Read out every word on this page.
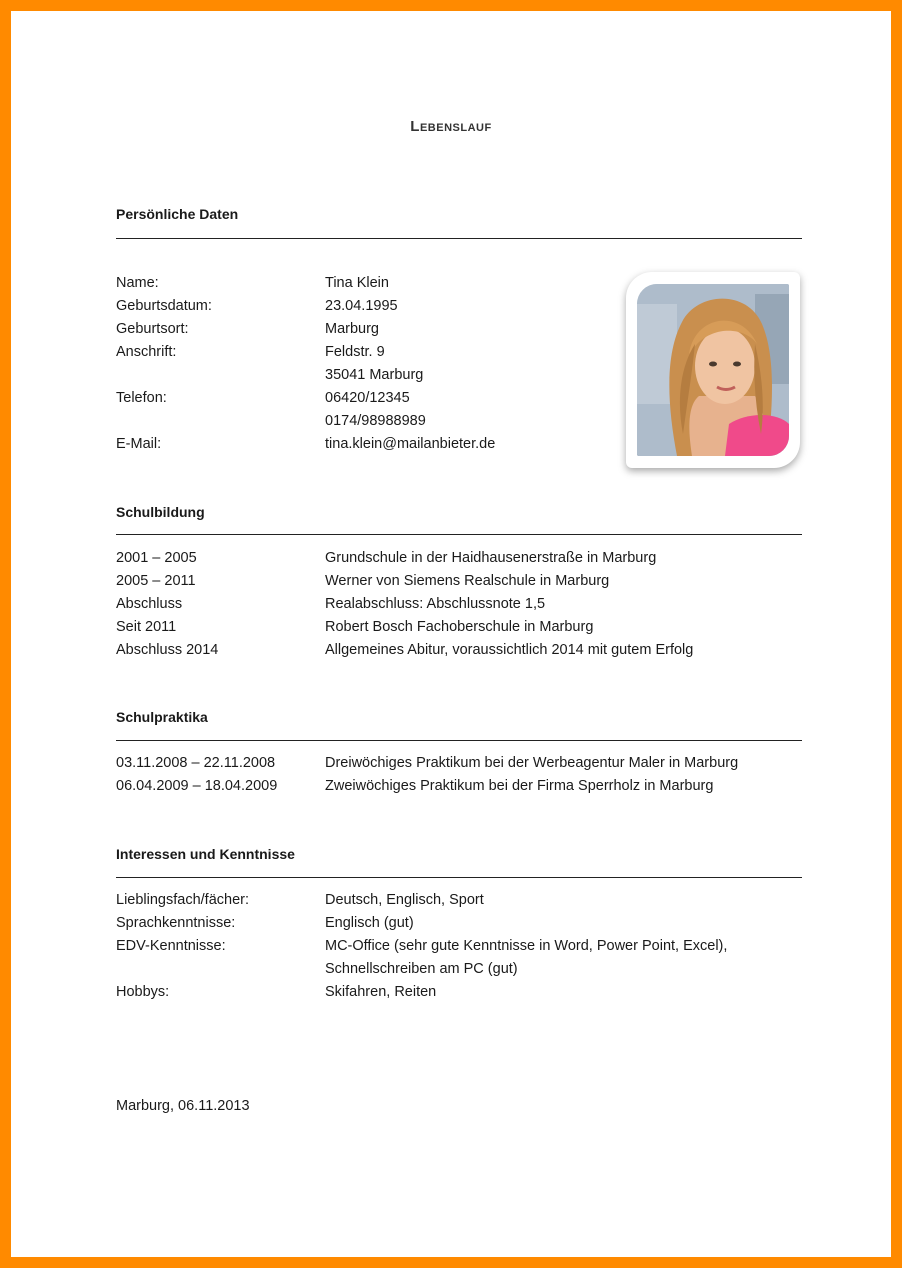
LEBENSLAUF
Persönliche Daten
Name:	Tina Klein
Geburtsdatum:	23.04.1995
Geburtsort:	Marburg
Anschrift:	Feldstr. 9
35041 Marburg
Telefon:	06420/12345
0174/98988989
E-Mail:	tina.klein@mailanbieter.de
Schulbildung
2001 – 2005	Grundschule in der Haidhausenerstraße in Marburg
2005 – 2011	Werner von Siemens Realschule in Marburg
Abschluss	Realabschluss: Abschlussnote 1,5
Seit 2011	Robert Bosch Fachoberschule in Marburg
Abschluss 2014	Allgemeines Abitur, voraussichtlich 2014 mit gutem Erfolg
Schulpraktika
03.11.2008 – 22.11.2008	Dreiwöchiges Praktikum bei der Werbeagentur Maler in Marburg
06.04.2009 – 18.04.2009	Zweiwöchiges Praktikum bei der Firma Sperrholz in Marburg
Interessen und Kenntnisse
Lieblingsfach/fächer:	Deutsch, Englisch, Sport
Sprachkenntnisse:	Englisch (gut)
EDV-Kenntnisse:	MC-Office (sehr gute Kenntnisse in Word, Power Point, Excel),
Schnellschreiben am PC (gut)
Hobbys:	Skifahren, Reiten
Marburg, 06.11.2013
